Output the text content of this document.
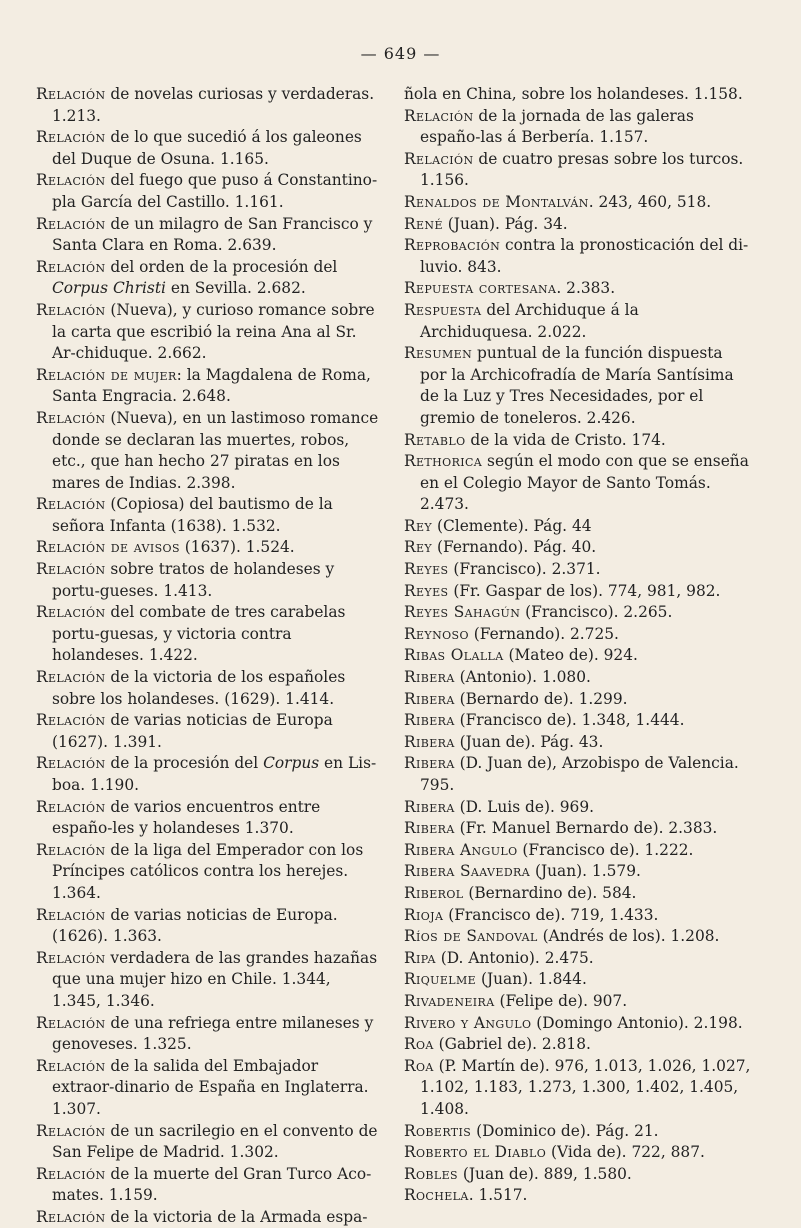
— 649 —

Relación de novelas curiosas y verdaderas. 1.213.

Relación de lo que sucedió á los galeones del Duque de Osuna. 1.165.

Relación del fuego que puso á Constantino-pla García del Castillo. 1.161.

Relación de un milagro de San Francisco y Santa Clara en Roma. 2.639.

Relación del orden de la procesión del Corpus Christi en Sevilla. 2.682.

Relación (Nueva), y curioso romance sobre la carta que escribió la reina Ana al Sr. Ar-chiduque. 2.662.

Relación de mujer: la Magdalena de Roma, Santa Engracia. 2.648.

Relación (Nueva), en un lastimoso romance donde se declaran las muertes, robos, etc., que han hecho 27 piratas en los mares de Indias. 2.398.

Relación (Copiosa) del bautismo de la señora Infanta (1638). 1.532.

Relación de avisos (1637). 1.524.

Relación sobre tratos de holandeses y portu-gueses. 1.413.

Relación del combate de tres carabelas portu-guesas, y victoria contra holandeses. 1.422.

Relación de la victoria de los españoles sobre los holandeses. (1629). 1.414.

Relación de varias noticias de Europa (1627). 1.391.

Relación de la procesión del Corpus en Lis-boa. 1.190.

Relación de varios encuentros entre españo-les y holandeses 1.370.

Relación de la liga del Emperador con los Príncipes católicos contra los herejes. 1.364.

Relación de varias noticias de Europa. (1626). 1.363.

Relación verdadera de las grandes hazañas que una mujer hizo en Chile. 1.344, 1.345, 1.346.

Relación de una refriega entre milaneses y genoveses. 1.325.

Relación de la salida del Embajador extraor-dinario de España en Inglaterra. 1.307.

Relación de un sacrilegio en el convento de San Felipe de Madrid. 1.302.

Relación de la muerte del Gran Turco Aco-mates. 1.159.

Relación de la victoria de la Armada espa-

ñola en China, sobre los holandeses. 1.158.

Relación de la jornada de las galeras españo-las á Berbería. 1.157.

Relación de cuatro presas sobre los turcos. 1.156.

Renaldos de Montalván. 243, 460, 518.

René (Juan). Pág. 34.

Reprobación contra la pronosticación del di-luvio. 843.

Repuesta cortesana. 2.383.

Respuesta del Archiduque á la Archiduquesa. 2.022.

Resumen puntual de la función dispuesta por la Archicofradía de María Santísima de la Luz y Tres Necesidades, por el gremio de toneleros. 2.426.

Retablo de la vida de Cristo. 174.

Rethorica según el modo con que se enseña en el Colegio Mayor de Santo Tomás. 2.473.

Rey (Clemente). Pág. 44

Rey (Fernando). Pág. 40.

Reyes (Francisco). 2.371.

Reyes (Fr. Gaspar de los). 774, 981, 982.

Reyes Sahagún (Francisco). 2.265.

Reynoso (Fernando). 2.725.

Ribas Olalla (Mateo de). 924.

Ribera (Antonio). 1.080.

Ribera (Bernardo de). 1.299.

Ribera (Francisco de). 1.348, 1.444.

Ribera (Juan de). Pág. 43.

Ribera (D. Juan de), Arzobispo de Valencia. 795.

Ribera (D. Luis de). 969.

Ribera (Fr. Manuel Bernardo de). 2.383.

Ribera Angulo (Francisco de). 1.222.

Ribera Saavedra (Juan). 1.579.

Riberol (Bernardino de). 584.

Rioja (Francisco de). 719, 1.433.

Ríos de Sandoval (Andrés de los). 1.208.

Ripa (D. Antonio). 2.475.

Riquelme (Juan). 1.844.

Rivadeneira (Felipe de). 907.

Rivero y Angulo (Domingo Antonio). 2.198.

Roa (Gabriel de). 2.818.

Roa (P. Martín de). 976, 1.013, 1.026, 1.027, 1.102, 1.183, 1.273, 1.300, 1.402, 1.405, 1.408.

Robertis (Dominico de). Pág. 21.

Roberto el Diablo (Vida de). 722, 887.

Robles (Juan de). 889, 1.580.

Rochela. 1.517.
